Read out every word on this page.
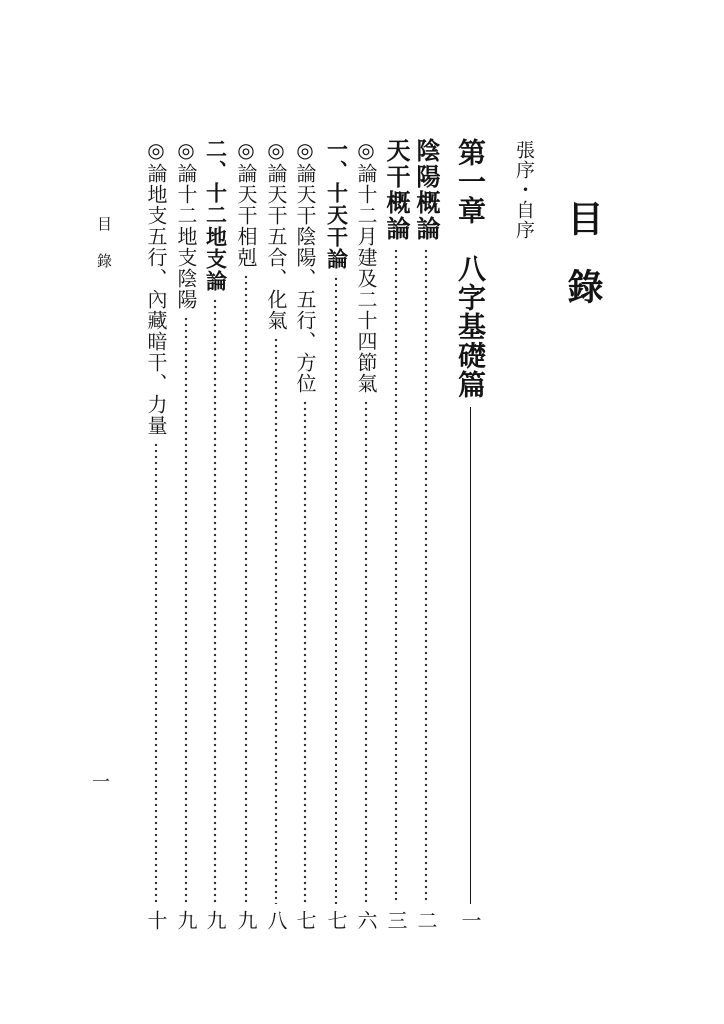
目錄
張序・自序
第一章　八字基礎篇
一
陰陽概論
二
天干概論
三
◎論十二月建及二十四節氣
六
一、十天干論
七
◎論天干陰陽、五行、方位
七
◎論天干五合、化氣
八
◎論天干相剋
九
二、十二地支論
九
◎論十二地支陰陽
九
◎論地支五行、內藏暗干、力量
十
目錄
一
